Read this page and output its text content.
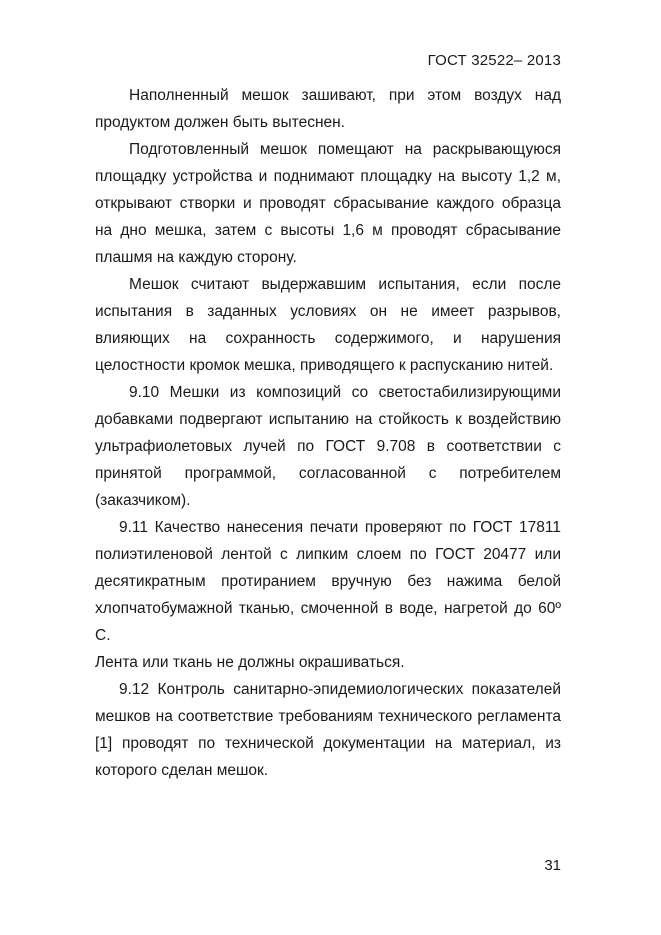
ГОСТ 32522– 2013

Наполненный мешок зашивают, при этом воздух над продуктом должен быть вытеснен.

Подготовленный мешок помещают на раскрывающуюся площадку устройства и поднимают площадку на высоту 1,2 м, открывают створки и проводят сбрасывание каждого образца на дно мешка, затем с высоты 1,6 м проводят сбрасывание плашмя на каждую сторону.

Мешок считают выдержавшим испытания, если после испытания в заданных условиях он не имеет разрывов, влияющих на сохранность содержимого, и нарушения целостности кромок мешка, приводящего к распусканию нитей.

9.10 Мешки из композиций со светостабилизирующими добавками подвергают испытанию на стойкость к воздействию ультрафиолетовых лучей по ГОСТ 9.708 в соответствии с принятой программой, согласованной с потребителем (заказчиком).

9.11 Качество нанесения печати проверяют по ГОСТ 17811 полиэтиленовой лентой с липким слоем по ГОСТ 20477 или десятикратным протиранием вручную без нажима белой хлопчатобумажной тканью, смоченной в воде, нагретой до 60º С.

Лента или ткань не должны окрашиваться.

9.12 Контроль санитарно-эпидемиологических показателей мешков на соответствие требованиям технического регламента [1] проводят по технической документации на материал, из которого сделан мешок.

31
